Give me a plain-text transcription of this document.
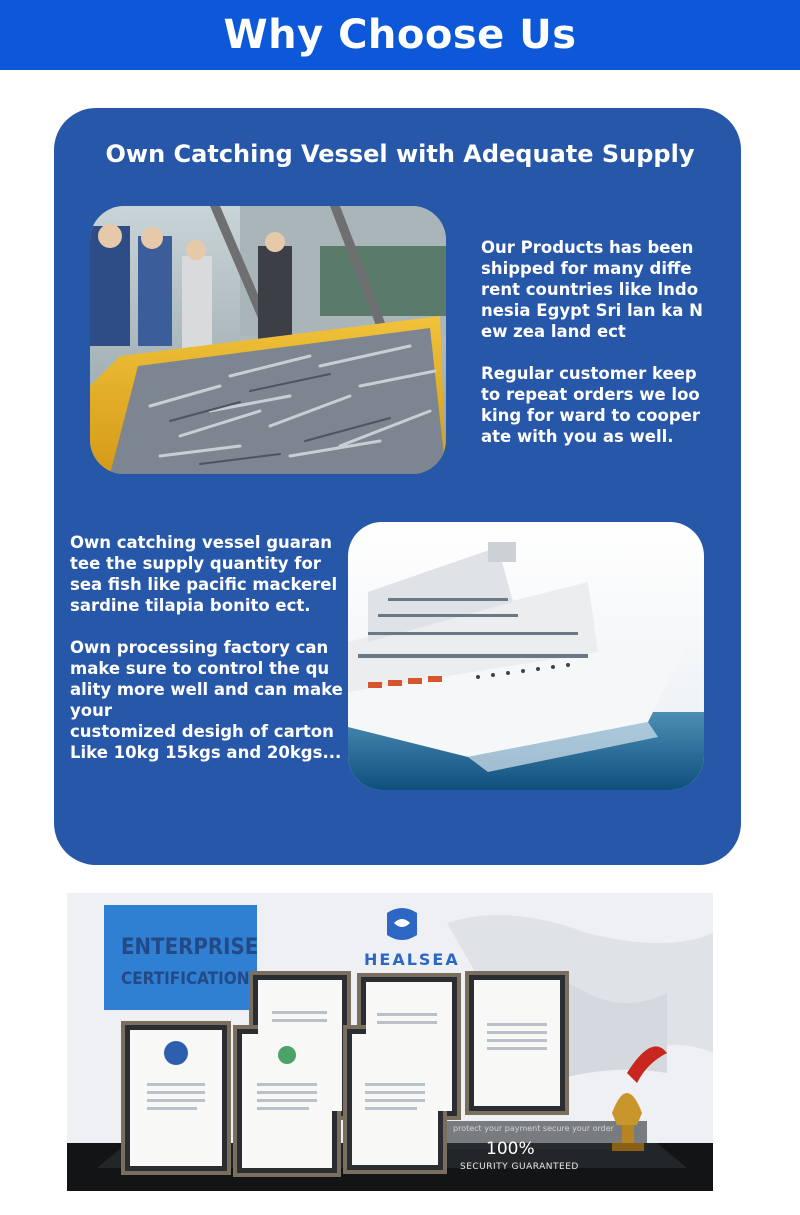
Why Choose Us
Own Catching Vessel with Adequate Supply

Our Products has been
shipped for many diffe
rent countries like lndo
nesia Egypt Sri lan ka N
ew zea land ect

Regular customer keep
to repeat orders we loo
king for ward to cooper
ate with you as well.

Own catching vessel guaran
tee the supply quantity for
sea fish like pacific mackerel
sardine tilapia bonito ect.

Own processing factory can
make sure to control the qu
ality more well and can make
your
customized desigh of carton
Like 10kg 15kgs and 20kgs...

ENTERPRISE
CERTIFICATION
HEALSEA
protect your payment secure your order
100%
SECURITY GUARANTEED
